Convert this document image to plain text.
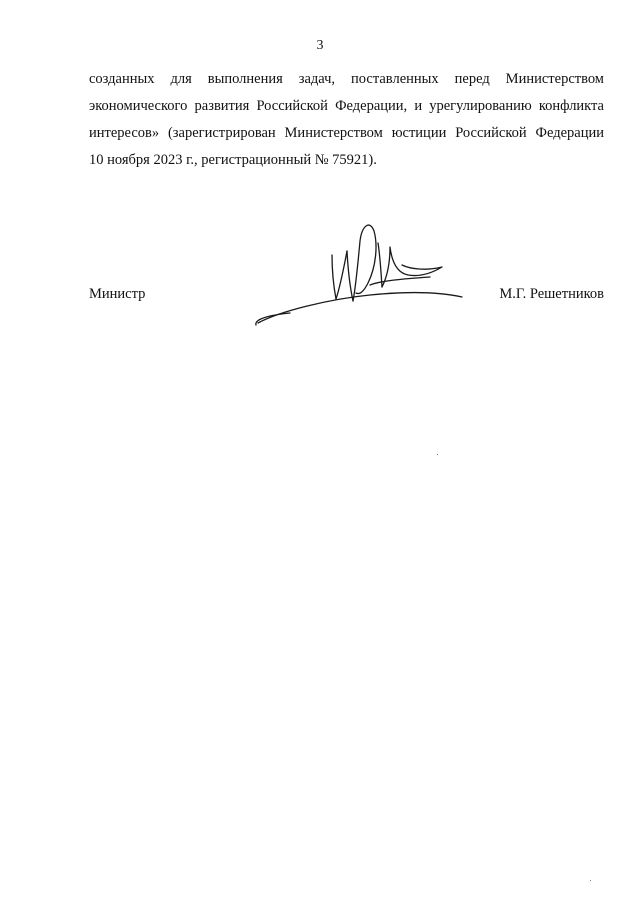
3
созданных для выполнения задач, поставленных перед Министерством
экономического развития Российской Федерации, и урегулированию конфликта
интересов» (зарегистрирован Министерством юстиции Российской Федерации
10 ноября 2023 г., регистрационный № 75921).
Министр	М.Г. Решетников
